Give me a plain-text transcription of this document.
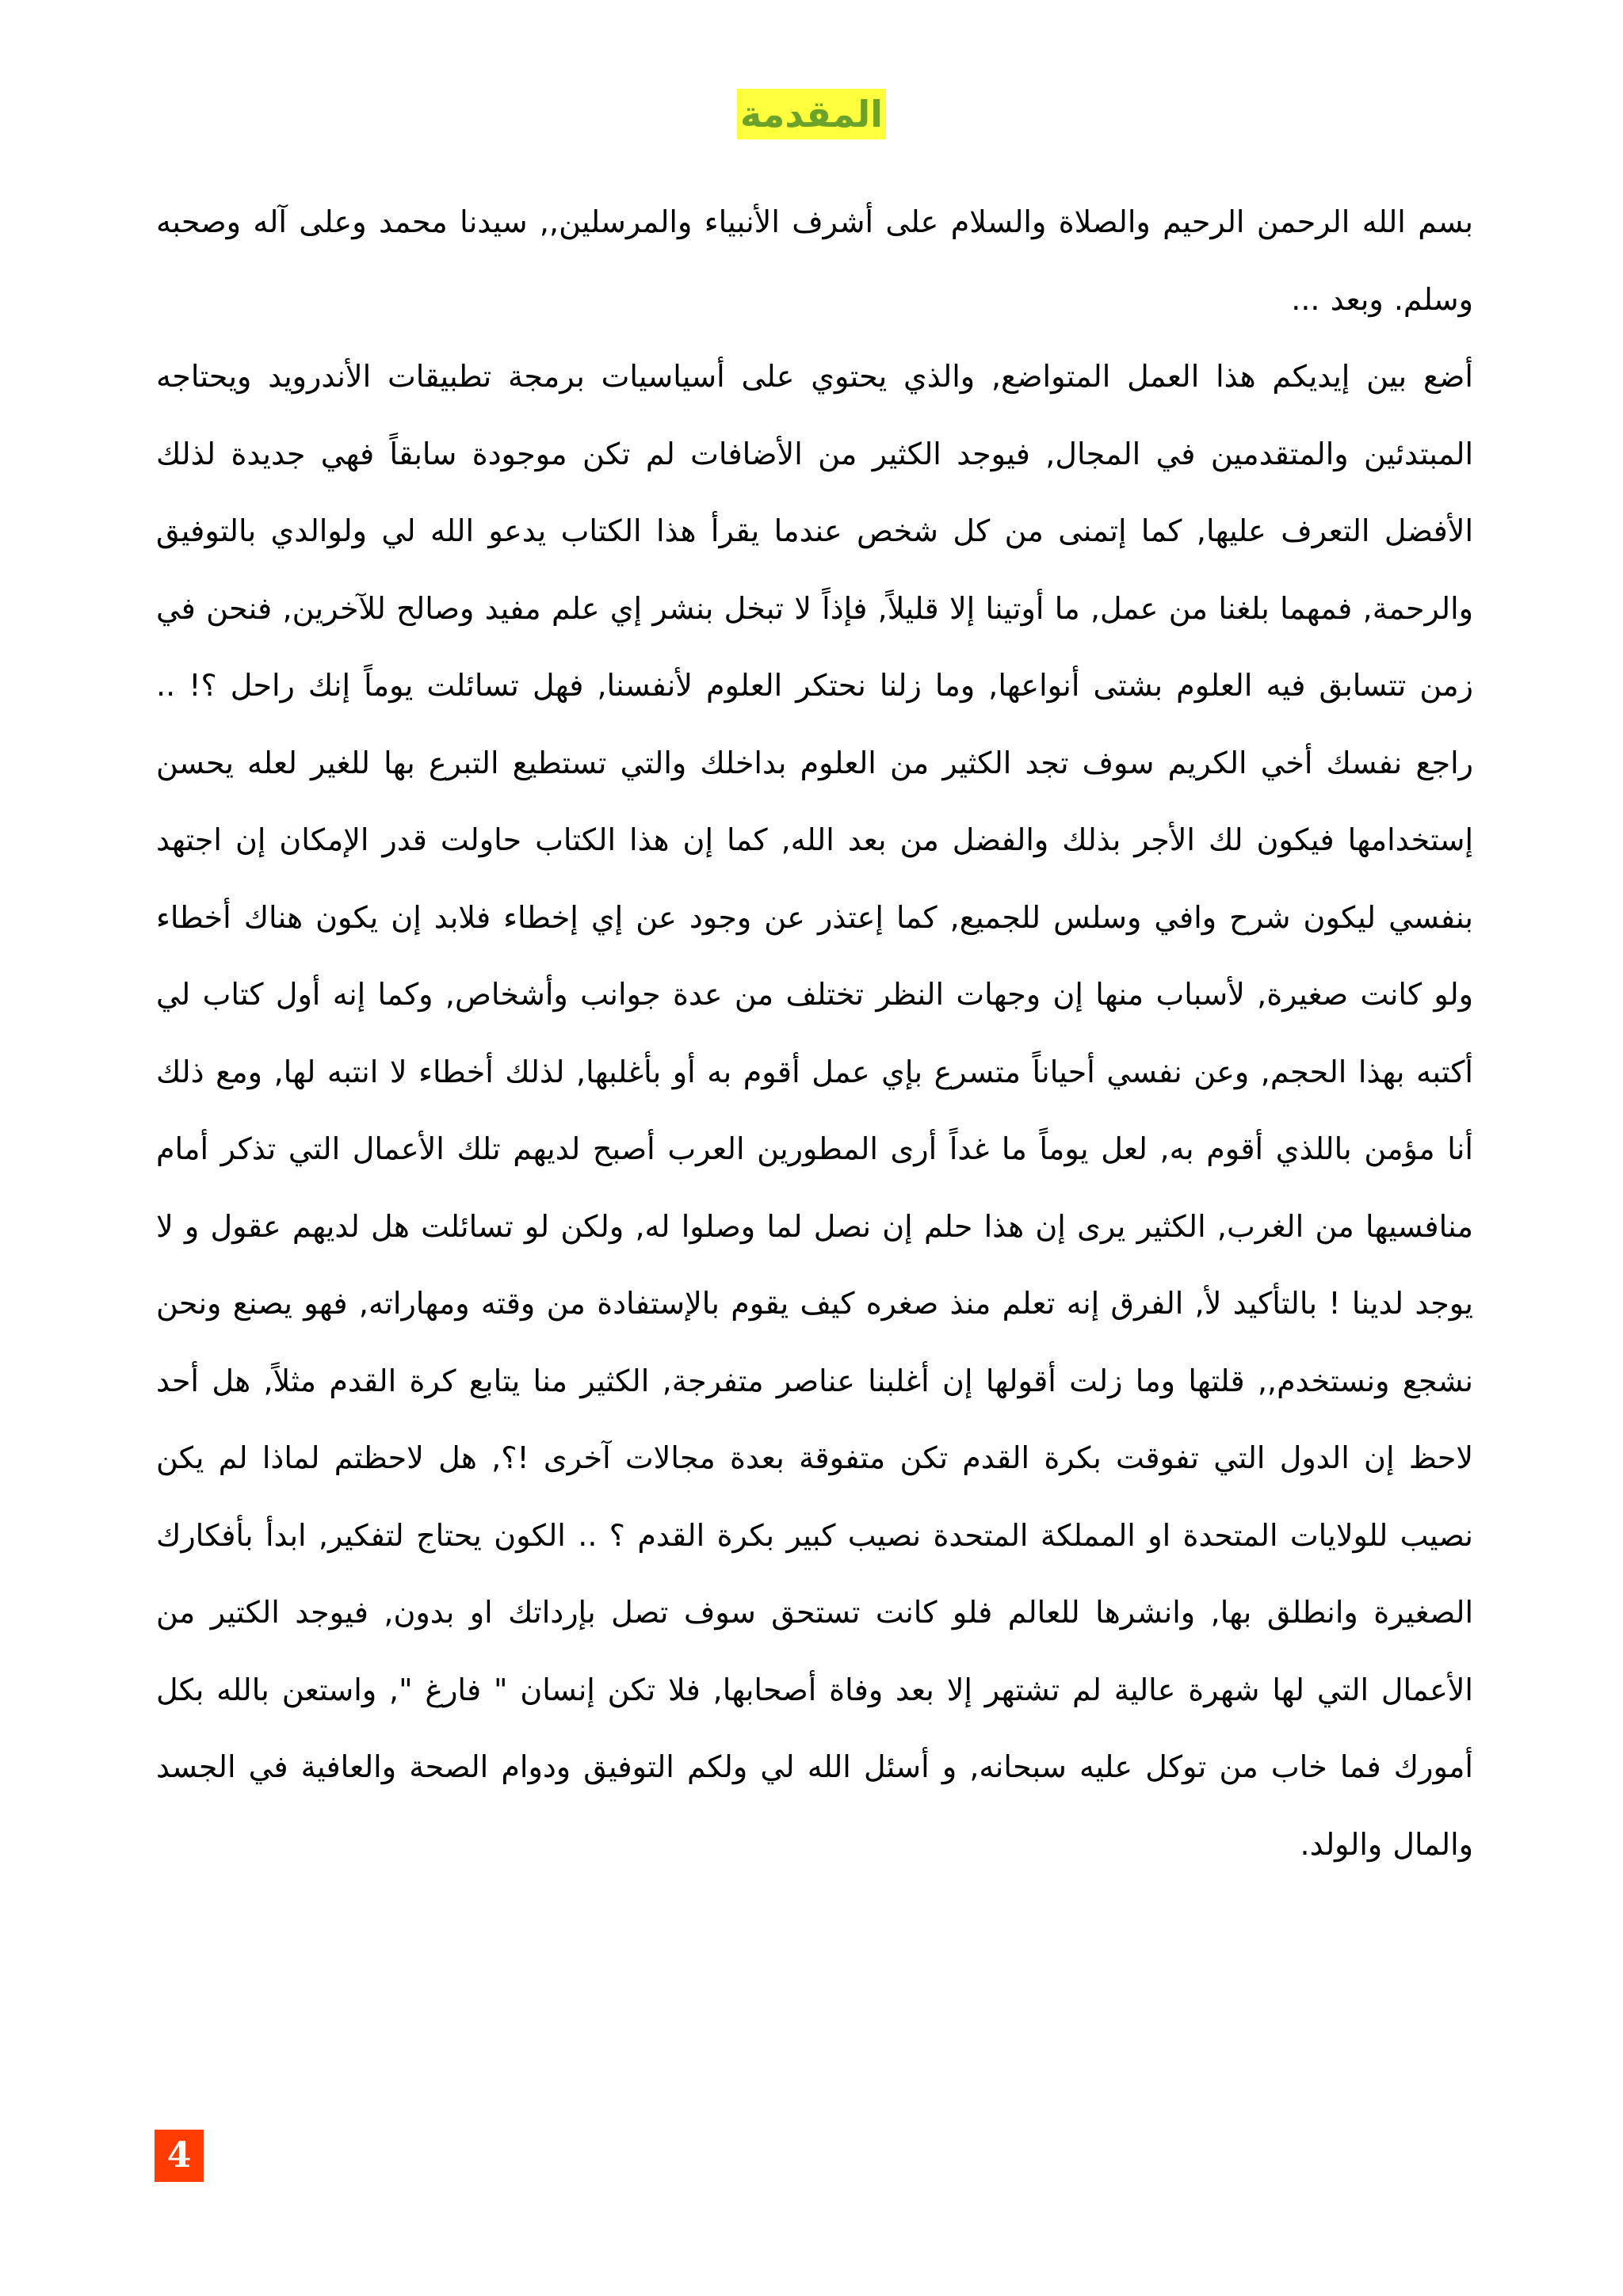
المقدمة

بسم الله الرحمن الرحيم والصلاة والسلام على أشرف الأنبياء والمرسلين,, سيدنا محمد وعلى آله وصحبه وسلم. وبعد ...

أضع بين إيديكم هذا العمل المتواضع, والذي يحتوي على أسياسيات برمجة تطبيقات الأندرويد ويحتاجه المبتدئين والمتقدمين في المجال, فيوجد الكثير من الأضافات لم تكن موجودة سابقاً فهي جديدة لذلك الأفضل التعرف عليها, كما إتمنى من كل شخص عندما يقرأ هذا الكتاب يدعو الله لي ولوالدي بالتوفيق والرحمة, فمهما بلغنا من عمل, ما أوتينا إلا قليلاً, فإذاً لا تبخل بنشر إي علم مفيد وصالح للآخرين, فنحن في زمن تتسابق فيه العلوم بشتى أنواعها, وما زلنا نحتكر العلوم لأنفسنا, فهل تسائلت يوماً إنك راحل ؟! .. راجع نفسك أخي الكريم سوف تجد الكثير من العلوم بداخلك والتي تستطيع التبرع بها للغير لعله يحسن إستخدامها فيكون لك الأجر بذلك والفضل من بعد الله, كما إن هذا الكتاب حاولت قدر الإمكان إن اجتهد بنفسي ليكون شرح وافي وسلس للجميع, كما إعتذر عن وجود عن إي إخطاء فلابد إن يكون هناك أخطاء ولو كانت صغيرة, لأسباب منها إن وجهات النظر تختلف من عدة جوانب وأشخاص, وكما إنه أول كتاب لي أكتبه بهذا الحجم, وعن نفسي أحياناً متسرع بإي عمل أقوم به أو بأغلبها, لذلك أخطاء لا انتبه لها, ومع ذلك أنا مؤمن باللذي أقوم به, لعل يوماً ما غداً أرى المطورين العرب أصبح لديهم تلك الأعمال التي تذكر أمام منافسيها من الغرب, الكثير يرى إن هذا حلم إن نصل لما وصلوا له, ولكن لو تسائلت هل لديهم عقول و لا يوجد لدينا ! بالتأكيد لأ, الفرق إنه تعلم منذ صغره كيف يقوم بالإستفادة من وقته ومهاراته, فهو يصنع ونحن نشجع ونستخدم,, قلتها وما زلت أقولها إن أغلبنا عناصر متفرجة, الكثير منا يتابع كرة القدم مثلاً, هل أحد لاحظ إن الدول التي تفوقت بكرة القدم تكن متفوقة بعدة مجالات آخرى !؟, هل لاحظتم لماذا لم يكن نصيب للولايات المتحدة او المملكة المتحدة نصيب كبير بكرة القدم ؟ .. الكون يحتاج لتفكير, ابدأ بأفكارك الصغيرة وانطلق بها, وانشرها للعالم فلو كانت تستحق سوف تصل بإرداتك او بدون, فيوجد الكتير من الأعمال التي لها شهرة عالية لم تشتهر إلا بعد وفاة أصحابها, فلا تكن إنسان " فارغ ", واستعن بالله بكل أمورك فما خاب من توكل عليه سبحانه, و أسئل الله لي ولكم التوفيق ودوام الصحة والعافية في الجسد والمال والولد.

4
